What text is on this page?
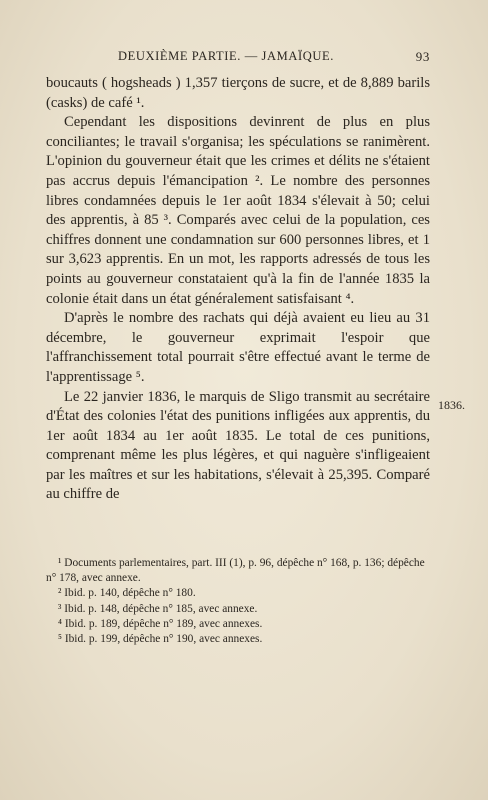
DEUXIÈME PARTIE. — JAMAÏQUE.	93

boucauts ( hogsheads ) 1,357 tierçons de sucre, et de 8,889 barils (casks) de café ¹.

Cependant les dispositions devinrent de plus en plus conciliantes; le travail s'organisa; les spéculations se ranimèrent. L'opinion du gouverneur était que les crimes et délits ne s'étaient pas accrus depuis l'émancipation ². Le nombre des personnes libres condamnées depuis le 1er août 1834 s'élevait à 50; celui des apprentis, à 85 ³. Comparés avec celui de la population, ces chiffres donnent une condamnation sur 600 personnes libres, et 1 sur 3,623 apprentis. En un mot, les rapports adressés de tous les points au gouverneur constataient qu'à la fin de l'année 1835 la colonie était dans un état généralement satisfaisant ⁴.

D'après le nombre des rachats qui déjà avaient eu lieu au 31 décembre, le gouverneur exprimait l'espoir que l'affranchissement total pourrait s'être effectué avant le terme de l'apprentissage ⁵.

Le 22 janvier 1836, le marquis de Sligo transmit au secrétaire d'État des colonies l'état des punitions infligées aux apprentis, du 1er août 1834 au 1er août 1835. Le total de ces punitions, comprenant même les plus légères, et qui naguère s'infligeaient par les maîtres et sur les habitations, s'élevait à 25,395. Comparé au chiffre de

1836.
¹ Documents parlementaires, part. III (1), p. 96, dépêche n° 168, p. 136; dépêche n° 178, avec annexe.
² Ibid. p. 140, dépêche n° 180.
³ Ibid. p. 148, dépêche n° 185, avec annexe.
⁴ Ibid. p. 189, dépêche n° 189, avec annexes.
⁵ Ibid. p. 199, dépêche n° 190, avec annexes.
